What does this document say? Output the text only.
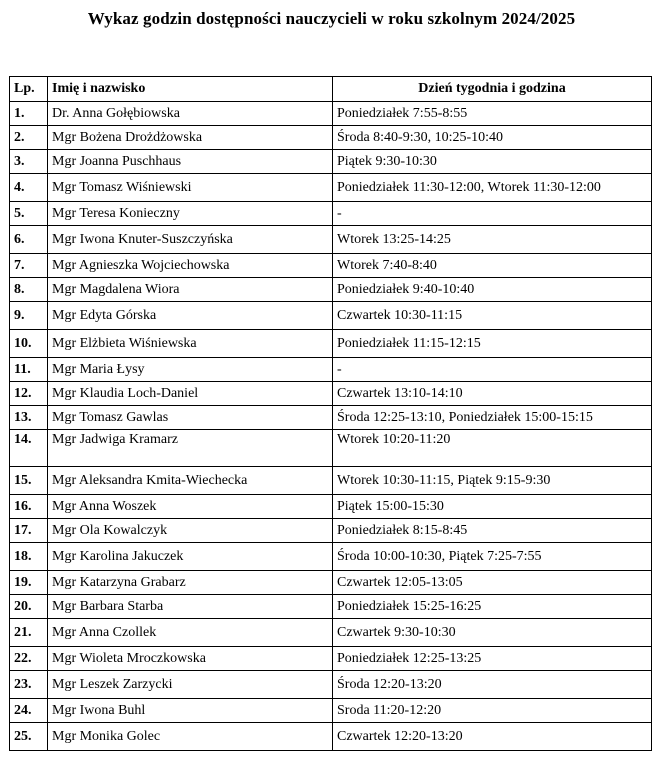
Wykaz godzin dostępności nauczycieli w roku szkolnym 2024/2025
Lp.	Imię i nazwisko	Dzień tygodnia i godzina
1.	Dr. Anna Gołębiowska	Poniedziałek 7:55-8:55
2.	Mgr Bożena Drożdżowska	Środa 8:40-9:30, 10:25-10:40
3.	Mgr Joanna Puschhaus	Piątek 9:30-10:30
4.	Mgr Tomasz Wiśniewski	Poniedziałek 11:30-12:00, Wtorek 11:30-12:00
5.	Mgr Teresa Konieczny	-
6.	Mgr Iwona Knuter-Suszczyńska	Wtorek 13:25-14:25
7.	Mgr Agnieszka Wojciechowska	Wtorek 7:40-8:40
8.	Mgr Magdalena Wiora	Poniedziałek 9:40-10:40
9.	Mgr Edyta Górska	Czwartek 10:30-11:15
10.	Mgr Elżbieta Wiśniewska	Poniedziałek 11:15-12:15
11.	Mgr Maria Łysy	-
12.	Mgr Klaudia Loch-Daniel	Czwartek 13:10-14:10
13.	Mgr Tomasz Gawlas	Środa 12:25-13:10, Poniedziałek 15:00-15:15
14.	Mgr Jadwiga Kramarz	Wtorek 10:20-11:20
15.	Mgr Aleksandra Kmita-Wiechecka	Wtorek 10:30-11:15, Piątek 9:15-9:30
16.	Mgr Anna Woszek	Piątek 15:00-15:30
17.	Mgr Ola Kowalczyk	Poniedziałek 8:15-8:45
18.	Mgr Karolina Jakuczek	Środa 10:00-10:30, Piątek 7:25-7:55
19.	Mgr Katarzyna Grabarz	Czwartek 12:05-13:05
20.	Mgr Barbara Starba	Poniedziałek 15:25-16:25
21.	Mgr Anna Czollek	Czwartek 9:30-10:30
22.	Mgr Wioleta Mroczkowska	Poniedziałek 12:25-13:25
23.	Mgr Leszek Zarzycki	Środa 12:20-13:20
24.	Mgr Iwona Buhl	Sroda 11:20-12:20
25.	Mgr Monika Golec	Czwartek 12:20-13:20
